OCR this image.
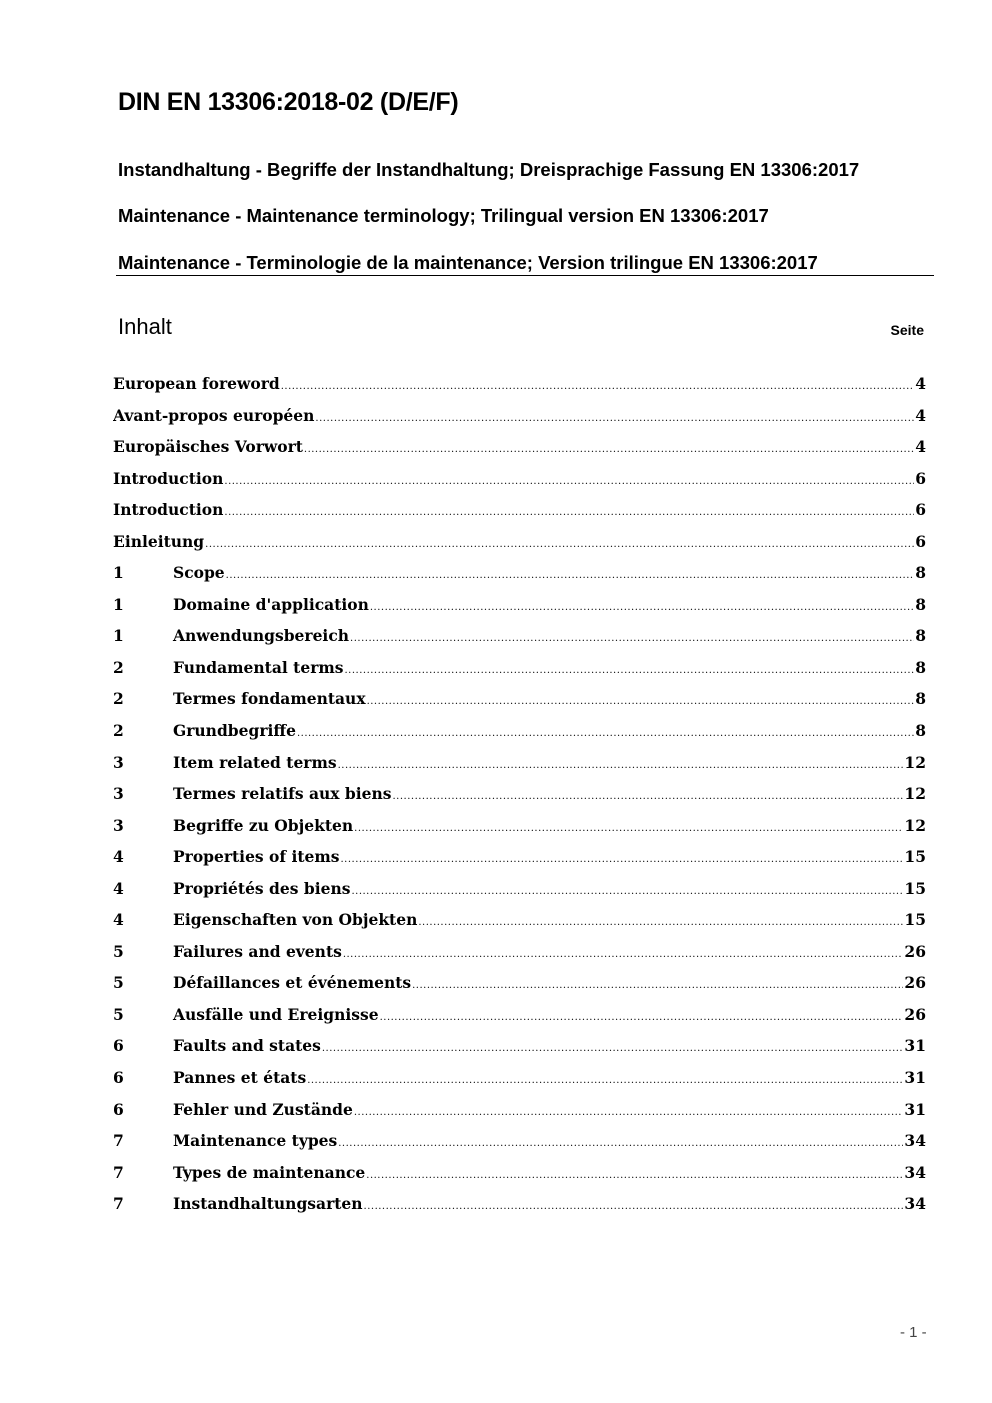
DIN EN 13306:2018-02 (D/E/F)
Instandhaltung - Begriffe der Instandhaltung; Dreisprachige Fassung EN 13306:2017
Maintenance - Maintenance terminology; Trilingual version EN 13306:2017
Maintenance - Terminologie de la maintenance; Version trilingue EN 13306:2017
Inhalt	Seite
European foreword .....	4
Avant-propos européen .....	4
Europäisches Vorwort .....	4
Introduction .....	6
Introduction .....	6
Einleitung .....	6
1	Scope .....	8
1	Domaine d'application .....	8
1	Anwendungsbereich .....	8
2	Fundamental terms .....	8
2	Termes fondamentaux .....	8
2	Grundbegriffe .....	8
3	Item related terms .....	12
3	Termes relatifs aux biens .....	12
3	Begriffe zu Objekten .....	12
4	Properties of items .....	15
4	Propriétés des biens .....	15
4	Eigenschaften von Objekten .....	15
5	Failures and events .....	26
5	Défaillances et événements .....	26
5	Ausfälle und Ereignisse .....	26
6	Faults and states .....	31
6	Pannes et états .....	31
6	Fehler und Zustände .....	31
7	Maintenance types .....	34
7	Types de maintenance .....	34
7	Instandhaltungsarten .....	34
- 1 -
